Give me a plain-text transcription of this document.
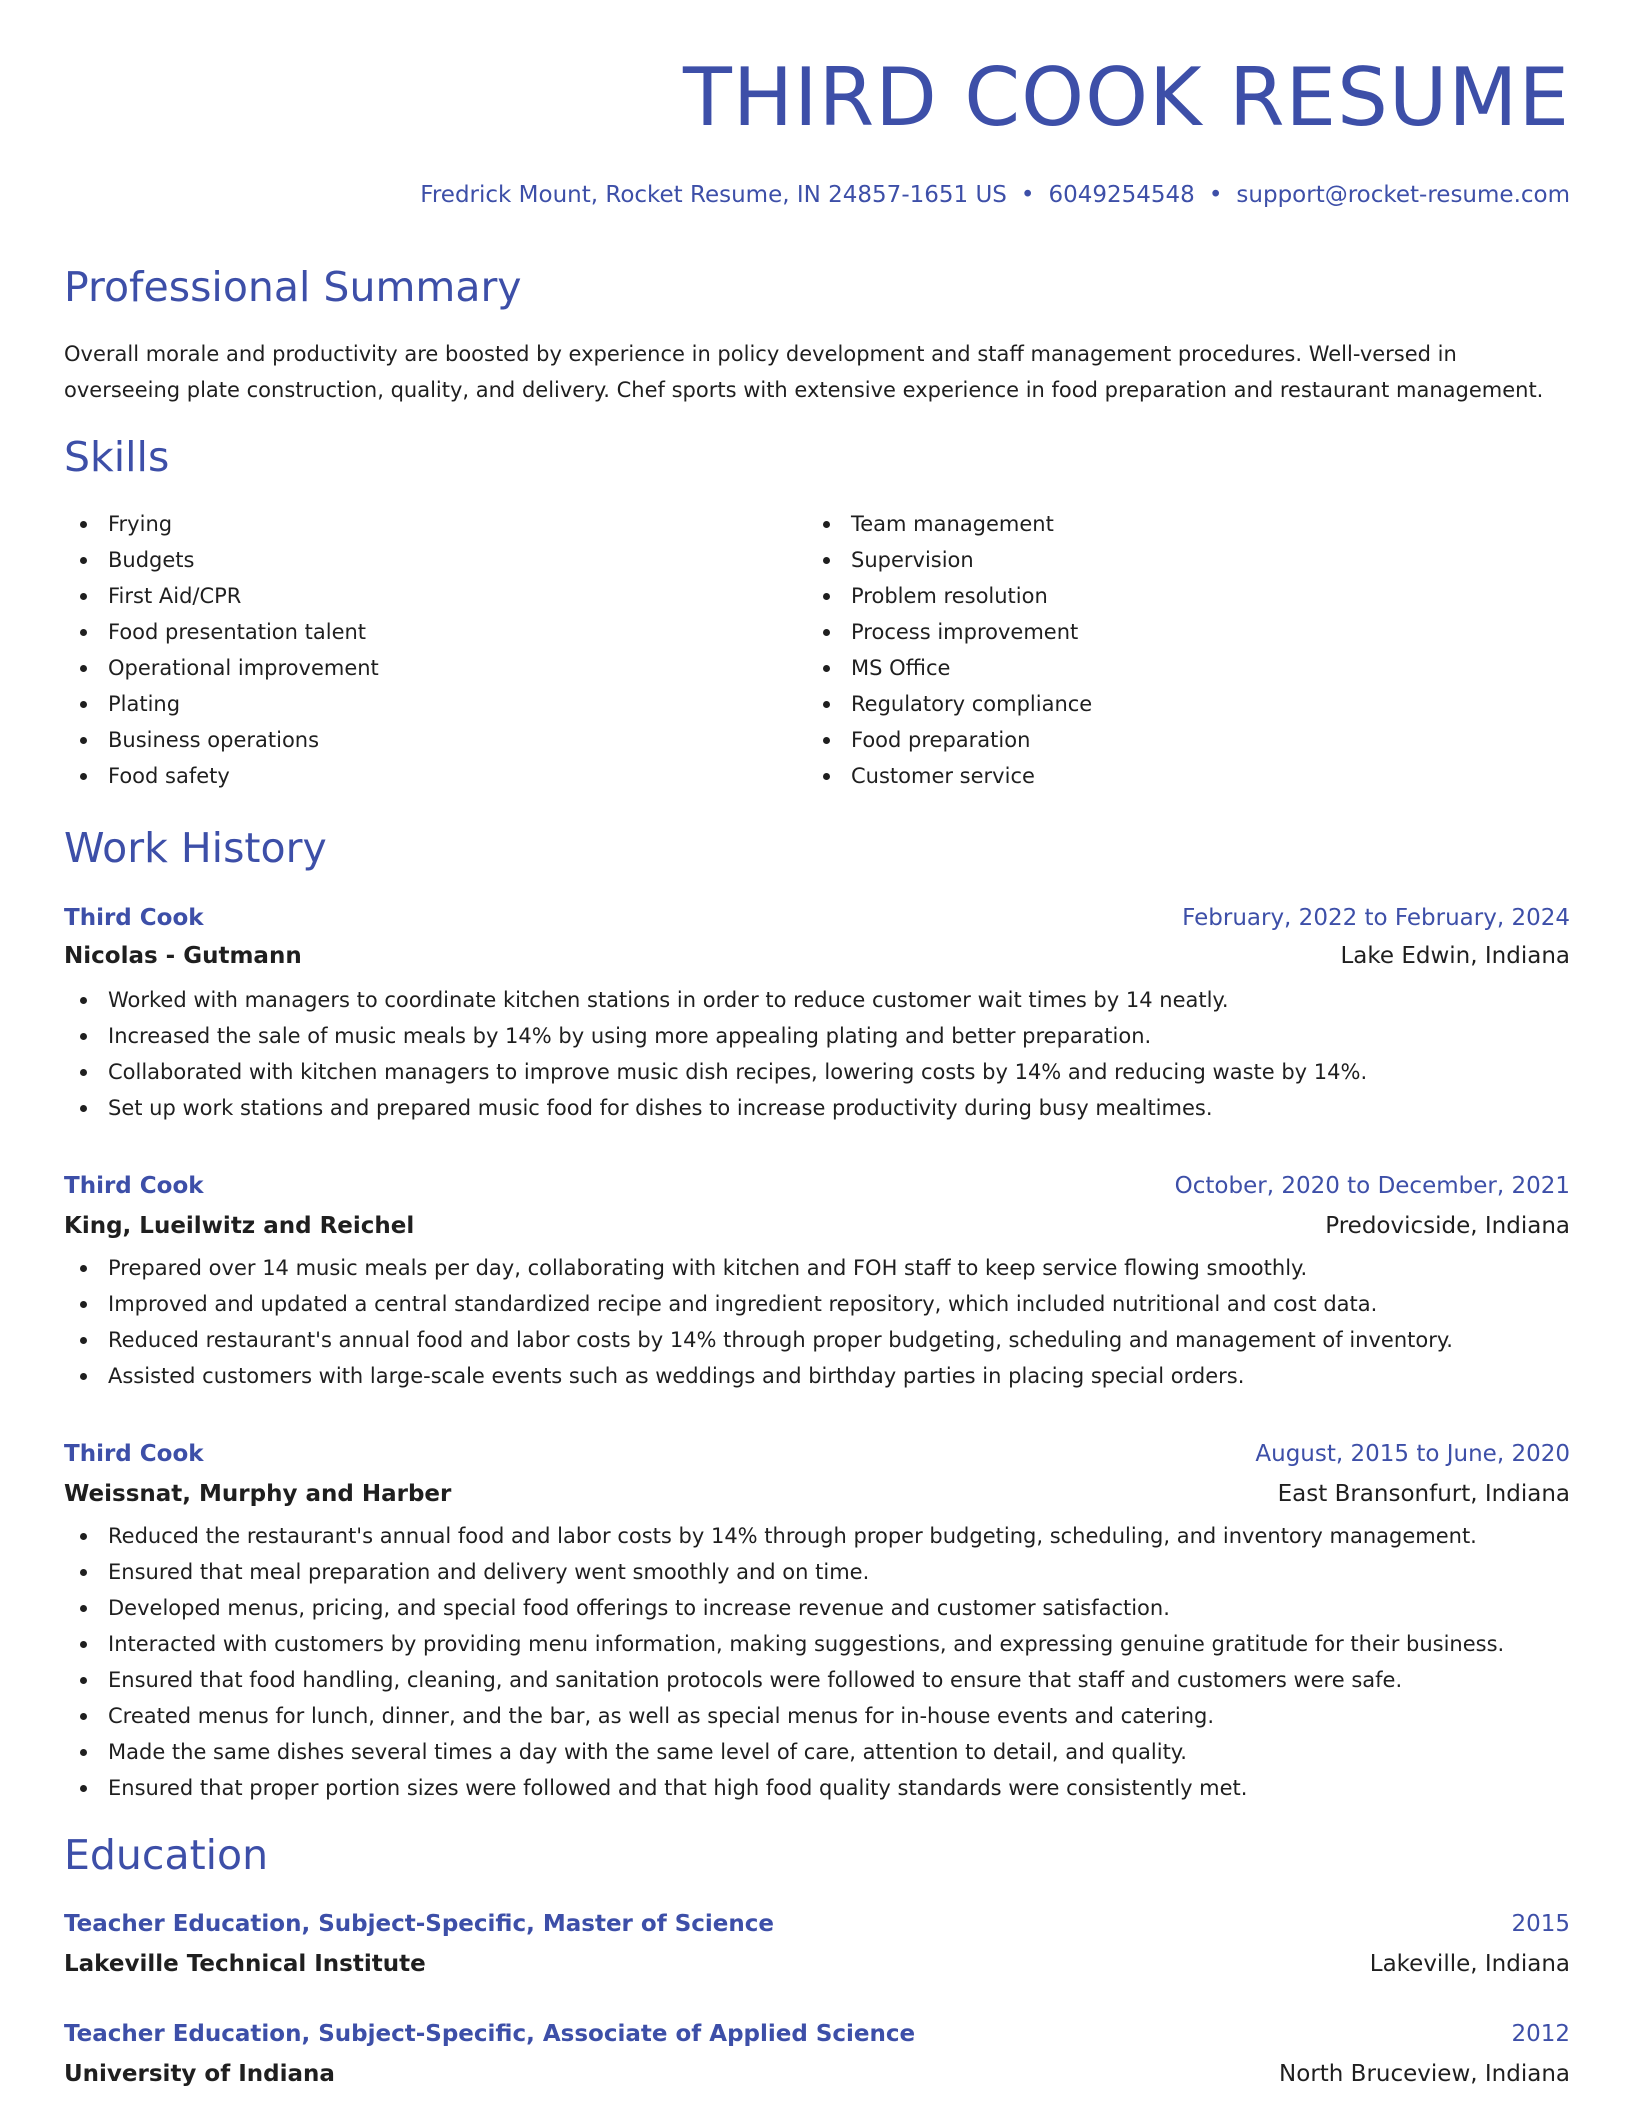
THIRD COOK RESUME
Fredrick Mount, Rocket Resume, IN 24857-1651 US • 6049254548 • support@rocket-resume.com
Professional Summary

Overall morale and productivity are boosted by experience in policy development and staff management procedures. Well-versed in overseeing plate construction, quality, and delivery. Chef sports with extensive experience in food preparation and restaurant management.

Skills
Frying
Budgets
First Aid/CPR
Food presentation talent
Operational improvement
Plating
Business operations
Food safety
Team management
Supervision
Problem resolution
Process improvement
MS Office
Regulatory compliance
Food preparation
Customer service
Work History
Third Cook	February, 2022 to February, 2024
Nicolas - Gutmann	Lake Edwin, Indiana
Worked with managers to coordinate kitchen stations in order to reduce customer wait times by 14 neatly.
Increased the sale of music meals by 14% by using more appealing plating and better preparation.
Collaborated with kitchen managers to improve music dish recipes, lowering costs by 14% and reducing waste by 14%.
Set up work stations and prepared music food for dishes to increase productivity during busy mealtimes.
Third Cook	October, 2020 to December, 2021
King, Lueilwitz and Reichel	Predovicside, Indiana
Prepared over 14 music meals per day, collaborating with kitchen and FOH staff to keep service flowing smoothly.
Improved and updated a central standardized recipe and ingredient repository, which included nutritional and cost data.
Reduced restaurant's annual food and labor costs by 14% through proper budgeting, scheduling and management of inventory.
Assisted customers with large-scale events such as weddings and birthday parties in placing special orders.
Third Cook	August, 2015 to June, 2020
Weissnat, Murphy and Harber	East Bransonfurt, Indiana
Reduced the restaurant's annual food and labor costs by 14% through proper budgeting, scheduling, and inventory management.
Ensured that meal preparation and delivery went smoothly and on time.
Developed menus, pricing, and special food offerings to increase revenue and customer satisfaction.
Interacted with customers by providing menu information, making suggestions, and expressing genuine gratitude for their business.
Ensured that food handling, cleaning, and sanitation protocols were followed to ensure that staff and customers were safe.
Created menus for lunch, dinner, and the bar, as well as special menus for in-house events and catering.
Made the same dishes several times a day with the same level of care, attention to detail, and quality.
Ensured that proper portion sizes were followed and that high food quality standards were consistently met.
Education
Teacher Education, Subject-Specific, Master of Science	2015
Lakeville Technical Institute	Lakeville, Indiana
Teacher Education, Subject-Specific, Associate of Applied Science	2012
University of Indiana	North Bruceview, Indiana
